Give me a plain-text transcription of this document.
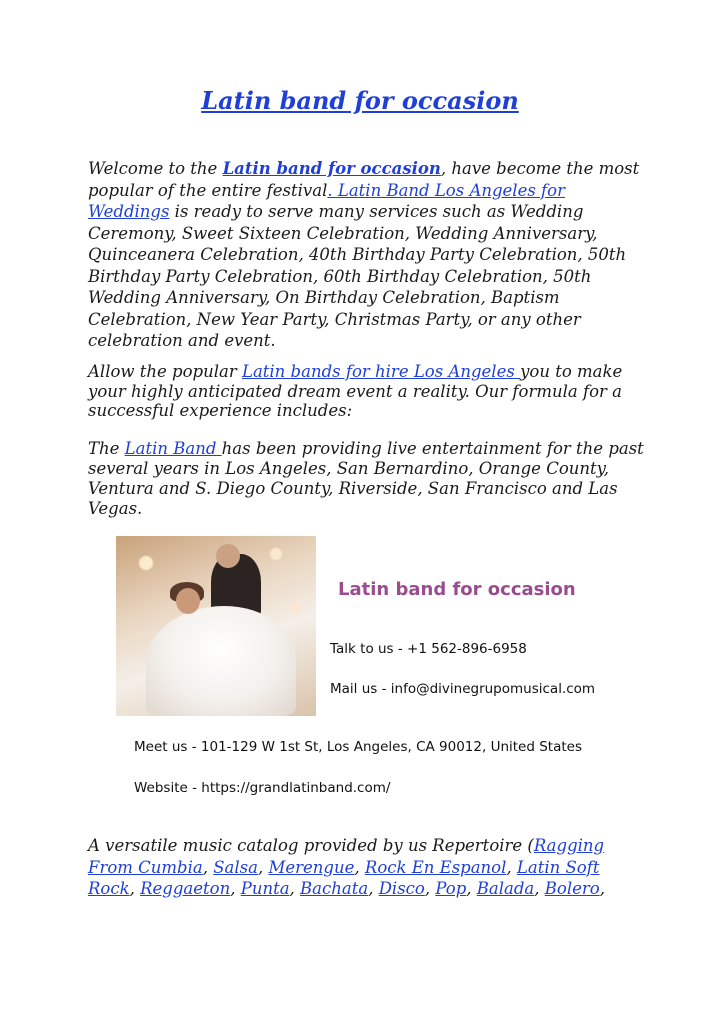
Latin band for occasion

Welcome to the Latin band for occasion, have become the most popular of the entire festival. Latin Band Los Angeles for Weddings is ready to serve many services such as Wedding Ceremony, Sweet Sixteen Celebration, Wedding Anniversary, Quinceanera Celebration, 40th Birthday Party Celebration, 50th Birthday Party Celebration, 60th Birthday Celebration, 50th Wedding Anniversary, On Birthday Celebration, Baptism Celebration, New Year Party, Christmas Party, or any other celebration and event.

Allow the popular Latin bands for hire Los Angeles you to make your highly anticipated dream event a reality. Our formula for a successful experience includes:

The Latin Band has been providing live entertainment for the past several years in Los Angeles, San Bernardino, Orange County, Ventura and S. Diego County, Riverside, San Francisco and Las Vegas.

Latin band for occasion
Talk to us - +1 562-896-6958
Mail us - info@divinegrupomusical.com
Meet us - 101-129 W 1st St, Los Angeles, CA 90012, United States
Website - https://grandlatinband.com/

A versatile music catalog provided by us Repertoire (Ragging From Cumbia, Salsa, Merengue, Rock En Espanol, Latin Soft Rock, Reggaeton, Punta, Bachata, Disco, Pop, Balada, Bolero,
